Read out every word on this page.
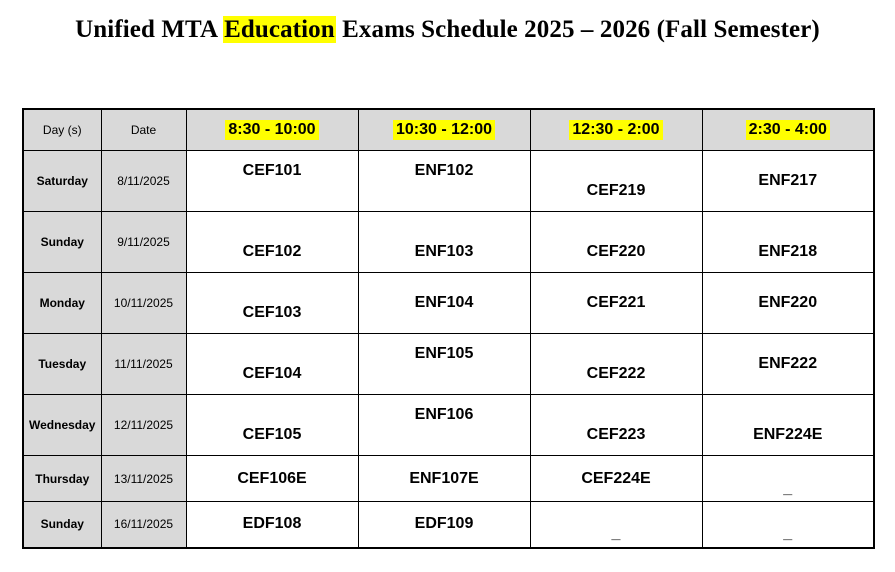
Unified MTA Education Exams Schedule 2025 – 2026 (Fall Semester)
Day (s)	Date	8:30 - 10:00	10:30 - 12:00	12:30 - 2:00	2:30 - 4:00
Saturday	8/11/2025	CEF101	ENF102	CEF219	ENF217

Sunday	9/11/2025	CEF102	ENF103	CEF220	ENF218

Monday	10/11/2025	CEF103	ENF104	CEF221	ENF220

Tuesday	11/11/2025	CEF104	ENF105	CEF222	ENF222

Wednesday	12/11/2025	CEF105	ENF106	CEF223	ENF224E

Thursday	13/11/2025	CEF106E	ENF107E	CEF224E	_

Sunday	16/11/2025	EDF108	EDF109	_	_
